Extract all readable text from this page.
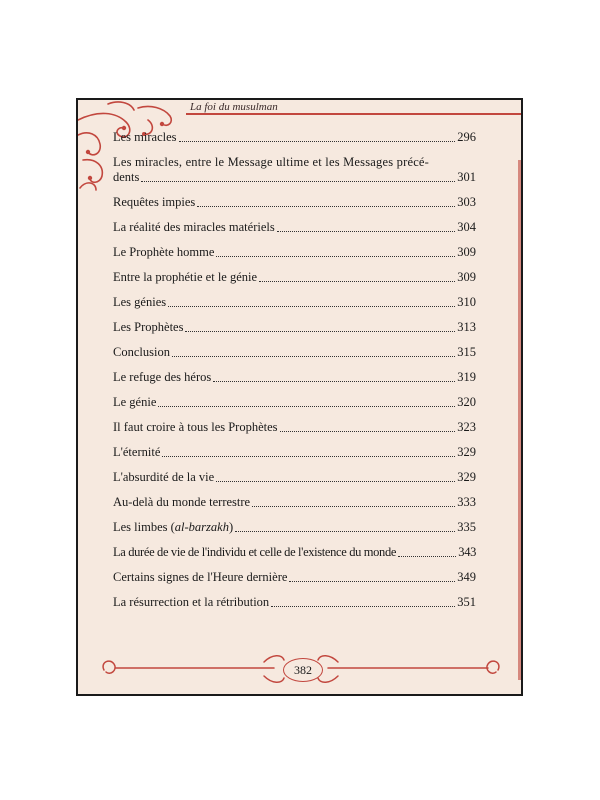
La foi du musulman
Les miracles	296
Les miracles, entre le Message ultime et les Messages précé-
dents	301
Requêtes impies	303
La réalité des miracles matériels	304
Le Prophète homme	309
Entre la prophétie et le génie	309
Les génies	310
Les Prophètes	313
Conclusion	315
Le refuge des héros	319
Le génie	320
Il faut croire à tous les Prophètes	323
L'éternité	329
L'absurdité de la vie	329
Au-delà du monde terrestre	333
Les limbes (al-barzakh)	335
La durée de vie de l'individu et celle de l'existence du monde	343
Certains signes de l'Heure dernière	349
La résurrection et la rétribution	351
382
